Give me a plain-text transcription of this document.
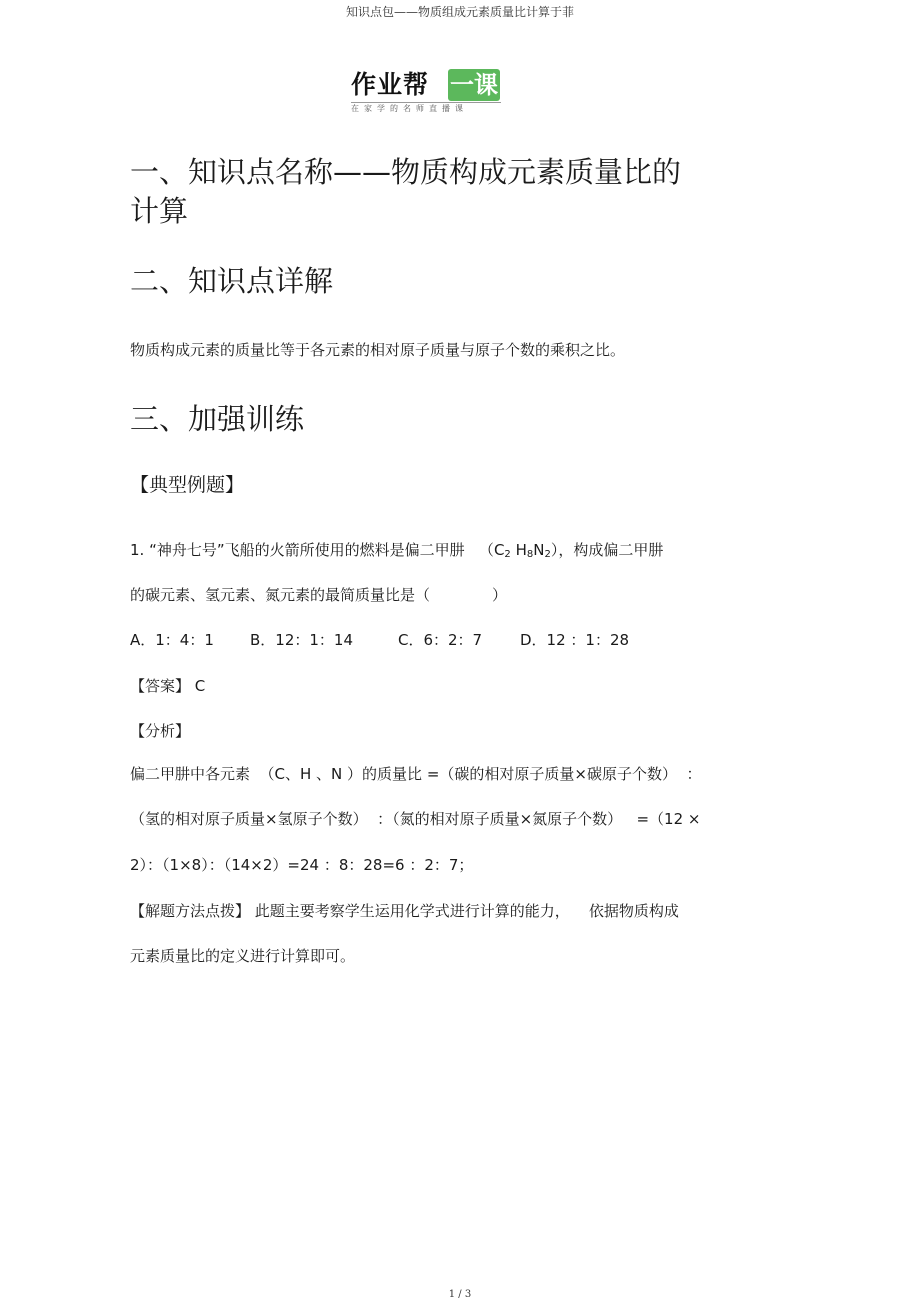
知识点包——物质组成元素质量比计算于菲
作业帮 一课
在家学的名师直播课
一、知识点名称——物质构成元素质量比的
计算
二、知识点详解
物质构成元素的质量比等于各元素的相对原子质量与原子个数的乘积之比。
三、加强训练
【典型例题】
1. “神舟七号”飞船的火箭所使用的燃料是偏二甲肼   （$C_2$ $H_8N_2$），构成偏二甲肼
的碳元素、氢元素、氮元素的最简质量比是（             ）
A．1：4：1 B．12：1：14	C．6：2：7	D．12 ：1：28
【答案】 C
【分析】
偏二甲肼中各元素  （C、H 、N ）的质量比 =（碳的相对原子质量×碳原子个数）  ：
（氢的相对原子质量×氢原子个数）  ：（氮的相对原子质量×氮原子个数）   =（12 ×
2）：（1×8）：（14×2）=24 ：8：28=6 ：2：7；
【解题方法点拨】 此题主要考察学生运用化学式进行计算的能力，    依据物质构成
元素质量比的定义进行计算即可。
1 / 3
